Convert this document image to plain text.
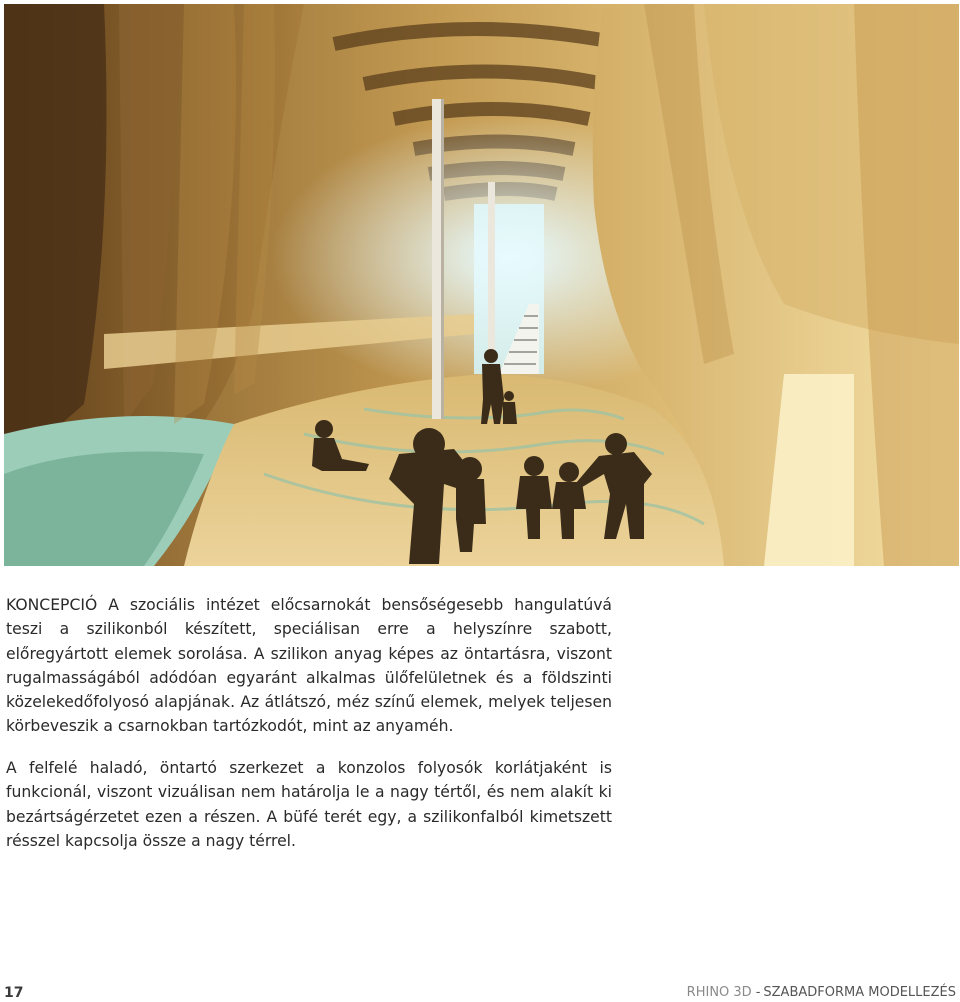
KONCEPCIÓ A szociális intézet előcsarnokát bensőségesebb hangulatúvá teszi a szilikonból készített, speciálisan erre a helyszínre szabott, előregyártott elemek sorolása. A szilikon anyag képes az öntartásra, viszont rugalmasságából adódóan egyaránt alkalmas ülőfelületnek és a földszinti közelekedőfolyosó alapjának. Az átlátszó, méz színű elemek, melyek teljesen körbeveszik a csarnokban tartózkodót, mint az anyaméh.

A felfelé haladó, öntartó szerkezet a konzolos folyosók korlátjaként is funkcionál, viszont vizuálisan nem határolja le a nagy tértől, és nem alakít ki bezártságérzetet ezen a részen. A büfé terét egy, a szilikonfalból kimetszett résszel kapcsolja össze a nagy térrel.

17	RHINO 3D - SZABADFORMA MODELLEZÉS
